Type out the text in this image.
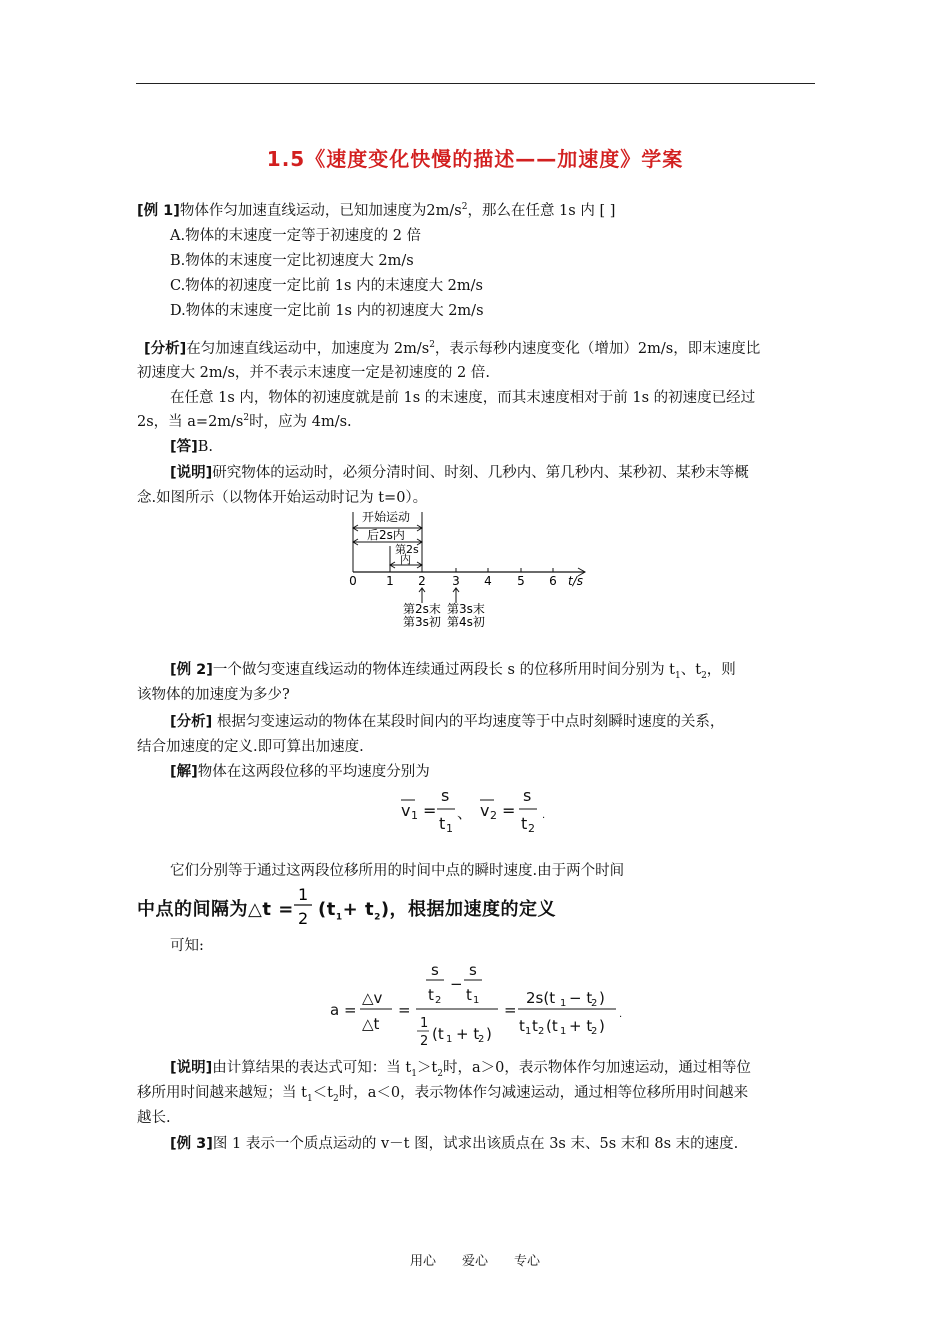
1.5《速度变化快慢的描述——加速度》学案
[例 1]物体作匀加速直线运动，已知加速度为$2m/s^2$，那么在任意 1s 内 [ ]
A.物体的末速度一定等于初速度的 2 倍
B.物体的末速度一定比初速度大 2m/s
C.物体的初速度一定比前 1s 内的末速度大 2m/s
D.物体的末速度一定比前 1s 内的初速度大 2m/s
[分析]在匀加速直线运动中，加速度为 $2m/s^2$，表示每秒内速度变化（增加）2m/s，即末速度比
初速度大 2m/s，并不表示末速度一定是初速度的 2 倍.
在任意 1s 内，物体的初速度就是前 1s 的末速度，而其末速度相对于前 1s 的初速度已经过
2s，当 $a=2m/s^2$时，应为 4m/s.
[答]B.
[说明]研究物体的运动时，必须分清时间、时刻、几秒内、第几秒内、某秒初、某秒末等概
念.如图所示（以物体开始运动时记为 t=0）。
开始运动
后2s内
第2s
内
0 1 2 3 4 5 6 t/s
第2s末
第3s初
第3s末
第4s初
[例 2]一个做匀变速直线运动的物体连续通过两段长 s 的位移所用时间分别为 $t_1$、$t_2$，则
该物体的加速度为多少?
[分析] 根据匀变速运动的物体在某段时间内的平均速度等于中点时刻瞬时速度的关系，
结合加速度的定义.即可算出加速度.
[解]物体在这两段位移的平均速度分别为
v 1 =
s
t 1
、 v 2 =
s
t 2
.
它们分别等于通过这两段位移所用的时间中点的瞬时速度.由于两个时间
中点的间隔为△t =
1
2 $(t_1+ t_2)$，根据加速度的定义
可知:
a =
△v
△t
=
s
t 2
−
s
t 1
1
2 (t 1 + t
2 )
=
2s(t 1 − t
2 )
t 1 t 2 (t 1 + t
2 )
.
[说明]由计算结果的表达式可知：当 $t_1>t_2$时，a＞0，表示物体作匀加速运动，通过相等位
移所用时间越来越短；当 $t_1<t_2$时，a＜0，表示物体作匀减速运动，通过相等位移所用时间越来
越长.
[例 3]图 1 表示一个质点运动的 v－t 图，试求出该质点在 3s 末、5s 末和 8s 末的速度.
用心 爱心 专心
